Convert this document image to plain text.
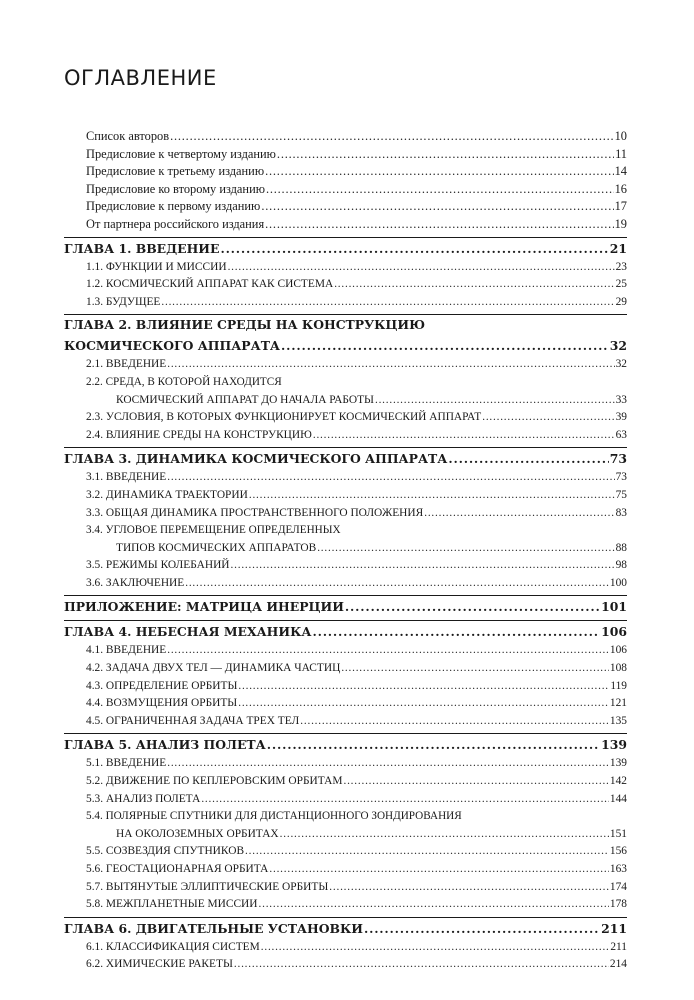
ОГЛАВЛЕНИЕ
Список авторов .....	10
Предисловие к четвертому изданию .....	11
Предисловие к третьему изданию .....	14
Предисловие ко второму изданию .....	16
Предисловие к первому изданию .....	17
От партнера российского издания .....	19
ГЛАВА 1. ВВЕДЕНИЕ .....	21
1.1. ФУНКЦИИ И МИССИИ .....	23
1.2. КОСМИЧЕСКИЙ АППАРАТ КАК СИСТЕМА .....	25
1.3. БУДУЩЕЕ .....	29
ГЛАВА 2. ВЛИЯНИЕ СРЕДЫ НА КОНСТРУКЦИЮ
КОСМИЧЕСКОГО АППАРАТА .....	32
2.1. ВВЕДЕНИЕ .....	32
2.2. СРЕДА, В КОТОРОЙ НАХОДИТСЯ
КОСМИЧЕСКИЙ АППАРАТ ДО НАЧАЛА РАБОТЫ .....	33
2.3. УСЛОВИЯ, В КОТОРЫХ ФУНКЦИОНИРУЕТ КОСМИЧЕСКИЙ АППАРАТ .....	39
2.4. ВЛИЯНИЕ СРЕДЫ НА КОНСТРУКЦИЮ .....	63
ГЛАВА 3. ДИНАМИКА КОСМИЧЕСКОГО АППАРАТА .....	73
3.1. ВВЕДЕНИЕ .....	73
3.2. ДИНАМИКА ТРАЕКТОРИИ .....	75
3.3. ОБЩАЯ ДИНАМИКА ПРОСТРАНСТВЕННОГО ПОЛОЖЕНИЯ .....	83
3.4. УГЛОВОЕ ПЕРЕМЕЩЕНИЕ ОПРЕДЕЛЕННЫХ
ТИПОВ КОСМИЧЕСКИХ АППАРАТОВ .....	88
3.5. РЕЖИМЫ КОЛЕБАНИЙ .....	98
3.6. ЗАКЛЮЧЕНИЕ .....	100
ПРИЛОЖЕНИЕ: МАТРИЦА ИНЕРЦИИ .....	101
ГЛАВА 4. НЕБЕСНАЯ МЕХАНИКА .....	106
4.1. ВВЕДЕНИЕ .....	106
4.2. ЗАДАЧА ДВУХ ТЕЛ — ДИНАМИКА ЧАСТИЦ .....	108
4.3. ОПРЕДЕЛЕНИЕ ОРБИТЫ .....	119
4.4. ВОЗМУЩЕНИЯ ОРБИТЫ .....	121
4.5. ОГРАНИЧЕННАЯ ЗАДАЧА ТРЕХ ТЕЛ .....	135
ГЛАВА 5. АНАЛИЗ ПОЛЕТА .....	139
5.1. ВВЕДЕНИЕ .....	139
5.2. ДВИЖЕНИЕ ПО КЕПЛЕРОВСКИМ ОРБИТАМ .....	142
5.3. АНАЛИЗ ПОЛЕТА .....	144
5.4. ПОЛЯРНЫЕ СПУТНИКИ ДЛЯ ДИСТАНЦИОННОГО ЗОНДИРОВАНИЯ
НА ОКОЛОЗЕМНЫХ ОРБИТАХ .....	151
5.5. СОЗВЕЗДИЯ СПУТНИКОВ .....	156
5.6. ГЕОСТАЦИОНАРНАЯ ОРБИТА .....	163
5.7. ВЫТЯНУТЫЕ ЭЛЛИПТИЧЕСКИЕ ОРБИТЫ .....	174
5.8. МЕЖПЛАНЕТНЫЕ МИССИИ .....	178
ГЛАВА 6. ДВИГАТЕЛЬНЫЕ УСТАНОВКИ .....	211
6.1. КЛАССИФИКАЦИЯ СИСТЕМ .....	211
6.2. ХИМИЧЕСКИЕ РАКЕТЫ .....	214
